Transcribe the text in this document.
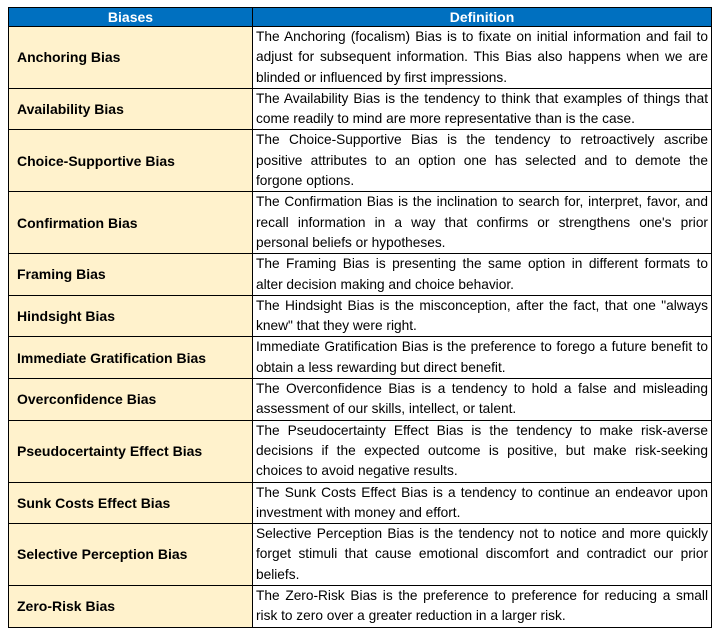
Biases	Definition
Anchoring Bias	The Anchoring (focalism) Bias is to fixate on initial information and fail to adjust for subsequent information. This Bias also happens when we are blinded or influenced by first impressions.
Availability Bias	The Availability Bias is the tendency to think that examples of things that come readily to mind are more representative than is the case.
Choice-Supportive Bias	The Choice-Supportive Bias is the tendency to retroactively ascribe positive attributes to an option one has selected and to demote the forgone options.
Confirmation Bias	The Confirmation Bias is the inclination to search for, interpret, favor, and recall information in a way that confirms or strengthens one's prior personal beliefs or hypotheses.
Framing Bias	The Framing Bias is presenting the same option in different formats to alter decision making and choice behavior.
Hindsight Bias	The Hindsight Bias is the misconception, after the fact, that one "always knew" that they were right.
Immediate Gratification Bias	Immediate Gratification Bias is the preference to forego a future benefit to obtain a less rewarding but direct benefit.
Overconfidence Bias	The Overconfidence Bias is a tendency to hold a false and misleading assessment of our skills, intellect, or talent.
Pseudocertainty Effect Bias	The Pseudocertainty Effect Bias is the tendency to make risk-averse decisions if the expected outcome is positive, but make risk-seeking choices to avoid negative results.
Sunk Costs Effect Bias	The Sunk Costs Effect Bias is a tendency to continue an endeavor upon investment with money and effort.
Selective Perception Bias	Selective Perception Bias is the tendency not to notice and more quickly forget stimuli that cause emotional discomfort and contradict our prior beliefs.
Zero-Risk Bias	The Zero-Risk Bias is the preference to preference for reducing a small risk to zero over a greater reduction in a larger risk.
